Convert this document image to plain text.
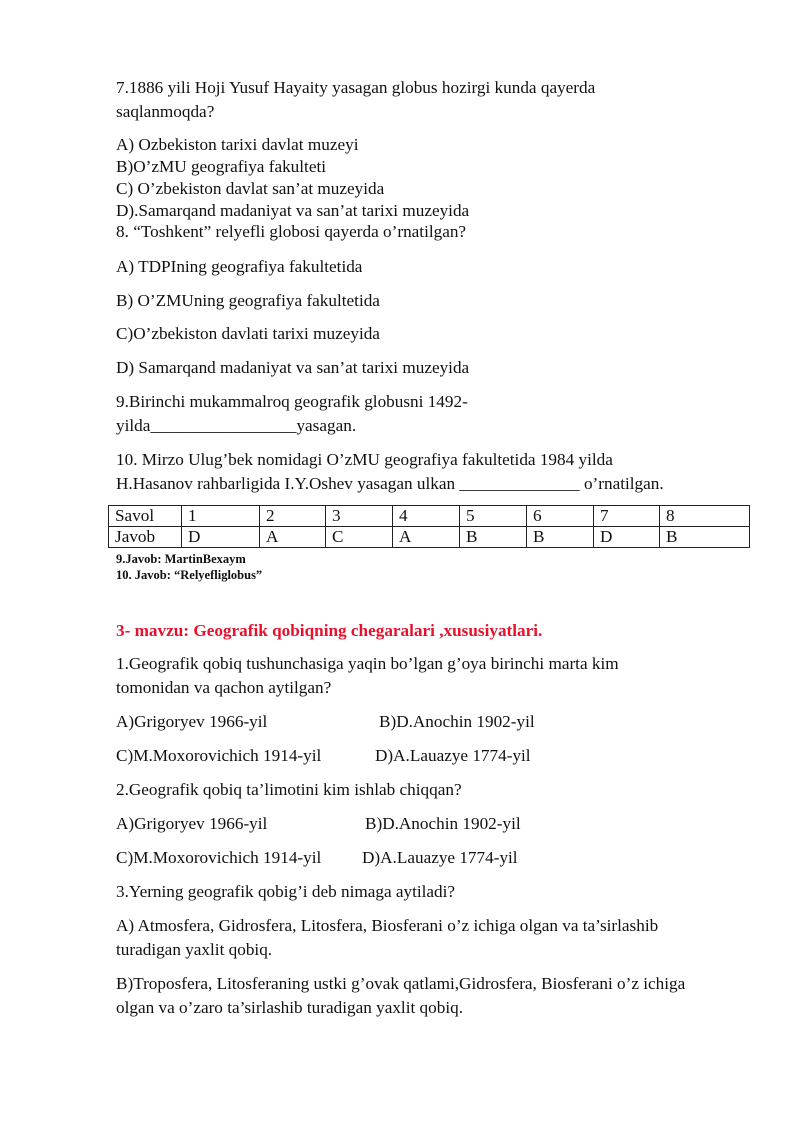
7.1886 yili Hoji Yusuf Hayaity yasagan globus hozirgi kunda qayerda
saqlanmoqda?
A) Ozbekiston tarixi davlat muzeyi
B)O’zMU geografiya fakulteti
C) O’zbekiston davlat san’at muzeyida
D).Samarqand madaniyat va san’at tarixi muzeyida
8. “Toshkent” relyefli globosi qayerda o’rnatilgan?
A) TDPIning geografiya fakultetida
B) O’ZMUning geografiya fakultetida
C)O’zbekiston davlati tarixi muzeyida
D) Samarqand madaniyat va san’at tarixi muzeyida
9.Birinchi mukammalroq geografik globusni 1492-
yilda_________________yasagan.
10. Mirzo Ulug’bek nomidagi O’zMU geografiya fakultetida 1984 yilda
H.Hasanov rahbarligida I.Y.Oshev yasagan ulkan ______________ o’rnatilgan.
Savol	1	2	3	4	5	6	7	8
Javob	D	A	C	A	B	B	D	B
9.Javob: MartinBexaym
10. Javob: “Relyefliglobus”
3- mavzu: Geografik qobiqning chegaralari ,xususiyatlari.
1.Geografik qobiq tushunchasiga yaqin bo’lgan g’oya birinchi marta kim
tomonidan va qachon aytilgan?
A)Grigoryev 1966-yil	B)D.Anochin 1902-yil
C)M.Moxorovichich 1914-yil	D)A.Lauazye 1774-yil
2.Geografik qobiq ta’limotini kim ishlab chiqqan?
A)Grigoryev 1966-yil	B)D.Anochin 1902-yil
C)M.Moxorovichich 1914-yil D)A.Lauazye 1774-yil
3.Yerning geografik qobig’i deb nimaga aytiladi?
A) Atmosfera, Gidrosfera, Litosfera, Biosferani o’z ichiga olgan va ta’sirlashib
turadigan yaxlit qobiq.
B)Troposfera, Litosferaning ustki g’ovak qatlami,Gidrosfera, Biosferani o’z ichiga
olgan va o’zaro ta’sirlashib turadigan yaxlit qobiq.
